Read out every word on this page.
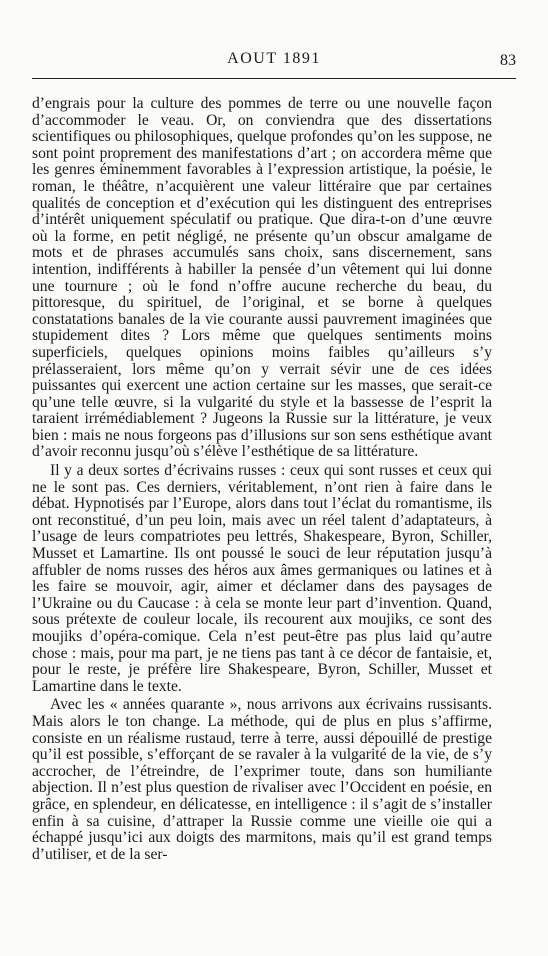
AOUT 1891	83

d’engrais pour la culture des pommes de terre ou une nouvelle façon d’accommoder le veau. Or, on conviendra que des dissertations scientifiques ou philosophiques, quelque profondes qu’on les suppose, ne sont point proprement des manifestations d’art ; on accordera même que les genres éminemment favorables à l’expression artistique, la poésie, le roman, le théâtre, n’acquièrent une valeur littéraire que par certaines qualités de conception et d’exécution qui les distinguent des entreprises d’intérêt uniquement spéculatif ou pratique. Que dira-t-on d’une œuvre où la forme, en petit négligé, ne présente qu’un obscur amalgame de mots et de phrases accumulés sans choix, sans discernement, sans intention, indifférents à habiller la pensée d’un vêtement qui lui donne une tournure ; où le fond n’offre aucune recherche du beau, du pittoresque, du spirituel, de l’original, et se borne à quelques constatations banales de la vie courante aussi pauvrement imaginées que stupidement dites ? Lors même que quelques sentiments moins superficiels, quelques opinions moins faibles qu’ailleurs s’y prélasseraient, lors même qu’on y verrait sévir une de ces idées puissantes qui exercent une action certaine sur les masses, que serait-ce qu’une telle œuvre, si la vulgarité du style et la bassesse de l’esprit la taraient irrémédiablement ? Jugeons la Russie sur la littérature, je veux bien : mais ne nous forgeons pas d’illusions sur son sens esthétique avant d’avoir reconnu jusqu’où s’élève l’esthétique de sa littérature.

Il y a deux sortes d’écrivains russes : ceux qui sont russes et ceux qui ne le sont pas. Ces derniers, véritablement, n’ont rien à faire dans le débat. Hypnotisés par l’Europe, alors dans tout l’éclat du romantisme, ils ont reconstitué, d’un peu loin, mais avec un réel talent d’adaptateurs, à l’usage de leurs compatriotes peu lettrés, Shakespeare, Byron, Schiller, Musset et Lamartine. Ils ont poussé le souci de leur réputation jusqu’à affubler de noms russes des héros aux âmes germaniques ou latines et à les faire se mouvoir, agir, aimer et déclamer dans des paysages de l’Ukraine ou du Caucase : à cela se monte leur part d’invention. Quand, sous prétexte de couleur locale, ils recourent aux moujiks, ce sont des moujiks d’opéra-comique. Cela n’est peut-être pas plus laid qu’autre chose : mais, pour ma part, je ne tiens pas tant à ce décor de fantaisie, et, pour le reste, je préfère lire Shakespeare, Byron, Schiller, Musset et Lamartine dans le texte.

Avec les « années quarante », nous arrivons aux écrivains russisants. Mais alors le ton change. La méthode, qui de plus en plus s’affirme, consiste en un réalisme rustaud, terre à terre, aussi dépouillé de prestige qu’il est possible, s’efforçant de se ravaler à la vulgarité de la vie, de s’y accrocher, de l’étreindre, de l’exprimer toute, dans son humiliante abjection. Il n’est plus question de rivaliser avec l’Occident en poésie, en grâce, en splendeur, en délicatesse, en intelligence : il s’agit de s’installer enfin à sa cuisine, d’attraper la Russie comme une vieille oie qui a échappé jusqu’ici aux doigts des marmitons, mais qu’il est grand temps d’utiliser, et de la ser-
